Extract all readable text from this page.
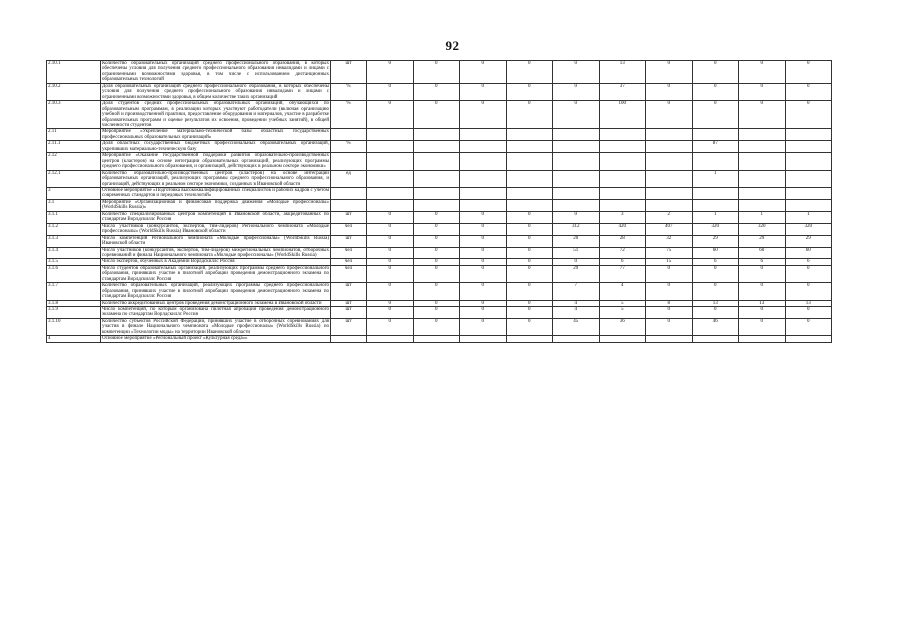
92
2.10.1	Количество образовательных организаций среднего профессионального образования, в которых обеспечены условия для получения среднего профессионального образования инвалидами и лицами с ограниченными возможностями здоровья, в том числе с использованием дистанционных образовательных технологий	шт	0	0	0	0	0	13	0	0	0	0
2.10.2	Доля образовательных организаций среднего профессионального образования, в которых обеспечены условия для получения среднего профессионального образования инвалидами и лицами с ограниченными возможностями здоровья, в общем количестве таких организаций	%	0	0	0	0	0	37	0	0	0	0
2.10.3	Доля студентов средних профессиональных образовательных организаций, обучающихся по образовательным программам, в реализации которых участвуют работодатели (включая организацию учебной и производственной практики, предоставление оборудования и материалов, участие в разработке образовательных программ и оценке результатов их освоения, проведении учебных занятий), в общей численности студентов	%	0	0	0	0	0	100	0	0	0	0
2.11	Мероприятие «Укрепление материально-технической базы областных государственных профессиональных образовательных организаций»											
2.11.1	Доля областных государственных бюджетных профессиональных образовательных организаций, укрепивших материально-техническую базу	%								87		
2.12	Мероприятие «Оказание государственной поддержки развития образовательно-производственных центров (кластеров) на основе интеграции образовательных организаций, реализующих программы среднего профессионального образования, и организаций, действующих в реальном секторе экономики»											
2.12.1	Количество образовательно-производственных центров (кластеров) на основе интеграции образовательных организаций, реализующих программы среднего профессионального образования, и организаций, действующих в реальном секторе экономики, созданных в Ивановской области	ед								1		
3	Основное мероприятие «Подготовка высококвалифицированных специалистов и рабочих кадров с учетом современных стандартов и передовых технологий»											
3.1	Мероприятие «Организационная и финансовая поддержка движения «Молодые профессионалы» (WorldSkills Russia)»											
3.1.1	Количество специализированных центров компетенций в Ивановской области, аккредитованных по стандартам Ворлдскиллс Россия	шт	0	0	0	0	0	3	2	1	1	1
3.1.2	Число участников (конкурсантов, экспертов, тим-лидеров) Регионального чемпионата «Молодые профессионалы» (WorldSkills Russia) Ивановской области	чел	0	0	0	0	312	420	407	320	320	320
3.1.3	Число компетенций Регионального чемпионата «Молодые профессионалы» (WorldSkills Russia) Ивановской области	шт	0	0	0	0	20	28	32	29	29	29
3.1.4	Число участников (конкурсантов, экспертов, тим-лидеров) межрегиональных чемпионатов, отборочных соревнований и финала Национального чемпионата «Молодые профессионалы» (WorldSkills Russia)	чел	0	0	0	0	51	72	75	60	60	60
3.1.5	Число экспертов, обученных в Академии Ворлдскиллс Россия	чел	0	0	0	0	0	6	15	6	6	6
3.1.6	Число студентов образовательных организаций, реализующих программы среднего профессионального образования, принявших участие в пилотной апробации проведения демонстрационного экзамена по стандартам Ворлдскиллс Россия	чел	0	0	0	0	29	77	0	0	0	0
3.1.7	Количество образовательных организаций, реализующих программы среднего профессионального образования, принявших участие в пилотной апробации проведения демонстрационного экзамена по стандартам Ворлдскиллс Россия	шт	0	0	0	0	7	4	0	0	0	0
3.1.8	Количество аккредитованных центров проведения демонстрационного экзамена в Ивановской области	шт	0	0	0	0	4	5	8	13	13	13
3.1.9	Число компетенций, по которым организована пилотная апробация проведения демонстрационного экзамена по стандартам Ворлдскиллс Россия	шт	0	0	0	0	4	5	0	0	0	0
3.1.10	Количество субъектов Российской Федерации, принявших участие в отборочных соревнованиях для участия в финале Национального чемпионата «Молодые профессионалы» (WorldSkills Russia) по компетенции «Технологии моды» на территории Ивановской области	шт	0	0	0	0	45	36	0	46	0	0
4	Основное мероприятие «Региональный проект «Культурная среда»»											
